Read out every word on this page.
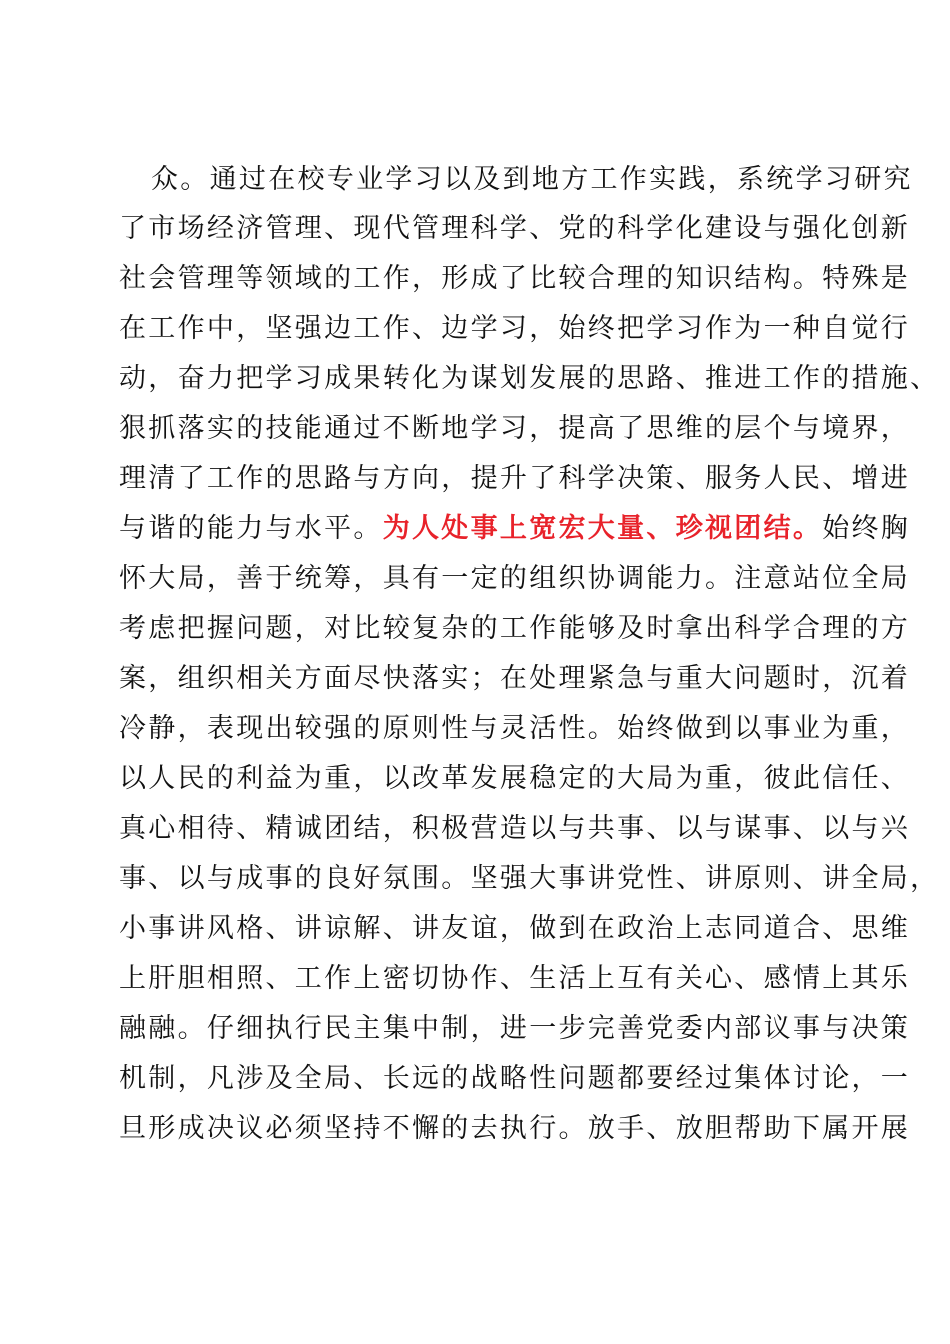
众。通过在校专业学习以及到地方工作实践，系统学习研究
了市场经济管理、现代管理科学、党的科学化建设与强化创新
社会管理等领域的工作，形成了比较合理的知识结构。特殊是
在工作中，坚强边工作、边学习，始终把学习作为一种自觉行
动，奋力把学习成果转化为谋划发展的思路、推进工作的措施、
狠抓落实的技能通过不断地学习，提高了思维的层个与境界，
理清了工作的思路与方向，提升了科学决策、服务人民、增进
与谐的能力与水平。为人处事上宽宏大量、珍视团结。始终胸
怀大局，善于统筹，具有一定的组织协调能力。注意站位全局
考虑把握问题，对比较复杂的工作能够及时拿出科学合理的方
案，组织相关方面尽快落实；在处理紧急与重大问题时，沉着
冷静，表现出较强的原则性与灵活性。始终做到以事业为重，
以人民的利益为重，以改革发展稳定的大局为重，彼此信任、
真心相待、精诚团结，积极营造以与共事、以与谋事、以与兴
事、以与成事的良好氛围。坚强大事讲党性、讲原则、讲全局，
小事讲风格、讲谅解、讲友谊，做到在政治上志同道合、思维
上肝胆相照、工作上密切协作、生活上互有关心、感情上其乐
融融。仔细执行民主集中制，进一步完善党委内部议事与决策
机制，凡涉及全局、长远的战略性问题都要经过集体讨论，一
旦形成决议必须坚持不懈的去执行。放手、放胆帮助下属开展
